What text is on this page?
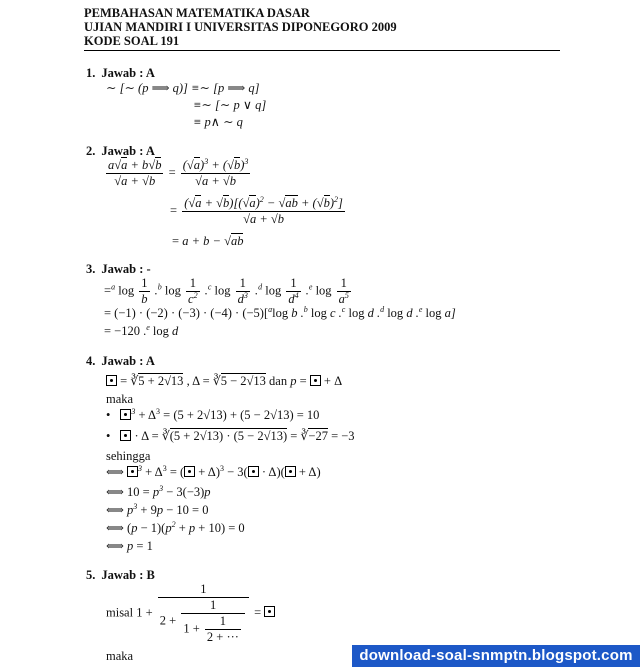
PEMBAHASAN MATEMATIKA DASAR
UJIAN MANDIRI I UNIVERSITAS DIPONEGORO 2009
KODE SOAL 191
1. Jawab : A
∼ [∼ (p ⟹ q)] ≡∼ [p ⟹ q]
≡∼ [∼ p ∨ q]
≡ p∧ ∼ q
2. Jawab : A
$\frac{a√a + b√b}{√a + √b} = \frac{(√a)^3 + (√b)^3}{√a + √b}$
= $\frac{(√a + √b)[(√a)^2 - √ab + (√b)^2]}{√a + √b}$
= a + b − √ab
3. Jawab : -
=$^a$ $\log \frac{1}{b} .^b$ $\log \frac{1}{c^2} .^c$ $\log \frac{1}{d^3} .^d$ $\log \frac{1}{d^4} .^e$ $\log \frac{1}{a^5}$
= (−1) · (−2) · (−3) · (−4) · (−5)[$^a$log b .$^b$ log c .$^c$ log d .$^d$ log d .$^e$ log a]
= −120 .$^e$ log d
4. Jawab : A
= ∛5 + 2√13 , Δ = ∛5 − 2√13 dan p = + Δ
maka
•	$^3 + \Delta^3 = (5 + 2√13) + (5 - 2√13) = 10$
• · Δ = ∛(5 + 2√13) · (5 − 2√13) = ∛−27 = −3
sehingga
⟺ $^3 + \Delta^3$ = ( + Δ)$^3$ − 3( · Δ)( + Δ)
⟺ $10 = p^3 - 3(-3)p$
⟺ $p^3 + 9p - 10 = 0$
⟺ $(p - 1)(p^2 + p + 10) = 0$
⟺ p = 1
5. Jawab : B
misal $1 + \frac{1}{2 + \frac{1}{1 + \frac{1}{2 + \cdot\cdot\cdot}}}$ =
maka	download-soal-snmptn.blogspot.com
